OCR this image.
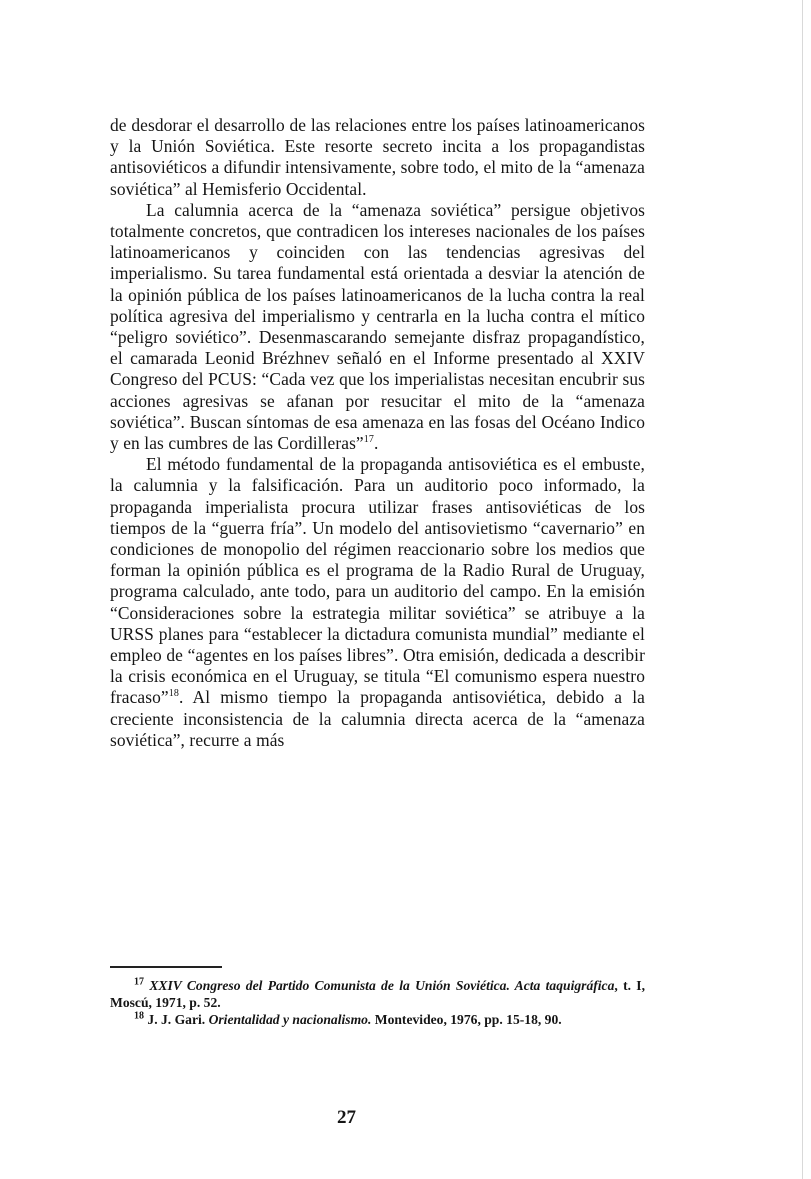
de desdorar el desarrollo de las relaciones entre los países latinoamericanos y la Unión Soviética. Este resorte secreto incita a los propagandistas antisoviéticos a difundir intensivamente, sobre todo, el mito de la “amenaza soviética” al Hemisferio Occidental.

La calumnia acerca de la “amenaza soviética” persigue objetivos totalmente concretos, que contradicen los intereses nacionales de los países latinoamericanos y coinciden con las tendencias agresivas del imperialismo. Su tarea fundamental está orientada a desviar la atención de la opinión pública de los países latinoamericanos de la lucha contra la real política agresiva del imperialismo y centrarla en la lucha contra el mítico “peligro soviético”. Desenmascarando semejante disfraz propagandístico, el camarada Leonid Brézhnev señaló en el Informe presentado al XXIV Congreso del PCUS: “Cada vez que los imperialistas necesitan encubrir sus acciones agresivas se afanan por resucitar el mito de la “amenaza soviética”. Buscan síntomas de esa amenaza en las fosas del Océano Indico y en las cumbres de las Cordilleras”$^{17}$.

El método fundamental de la propaganda antisoviética es el embuste, la calumnia y la falsificación. Para un auditorio poco informado, la propaganda imperialista procura utilizar frases antisoviéticas de los tiempos de la “guerra fría”. Un modelo del antisovietismo “cavernario” en condiciones de monopolio del régimen reaccionario sobre los medios que forman la opinión pública es el programa de la Radio Rural de Uruguay, programa calculado, ante todo, para un auditorio del campo. En la emisión “Consideraciones sobre la estrategia militar soviética” se atribuye a la URSS planes para “establecer la dictadura comunista mundial” mediante el empleo de “agentes en los países libres”. Otra emisión, dedicada a describir la crisis económica en el Uruguay, se titula “El comunismo espera nuestro fracaso”$^{18}$. Al mismo tiempo la propaganda antisoviética, debido a la creciente inconsistencia de la calumnia directa acerca de la “amenaza soviética”, recurre a más

$^{17}$ XXIV Congreso del Partido Comunista de la Unión Soviética. Acta taquigráfica, t. I, Moscú, 1971, p. 52.

$^{18}$ J. J. Gari. Orientalidad y nacionalismo. Montevideo, 1976, pp. 15-18, 90.

27
